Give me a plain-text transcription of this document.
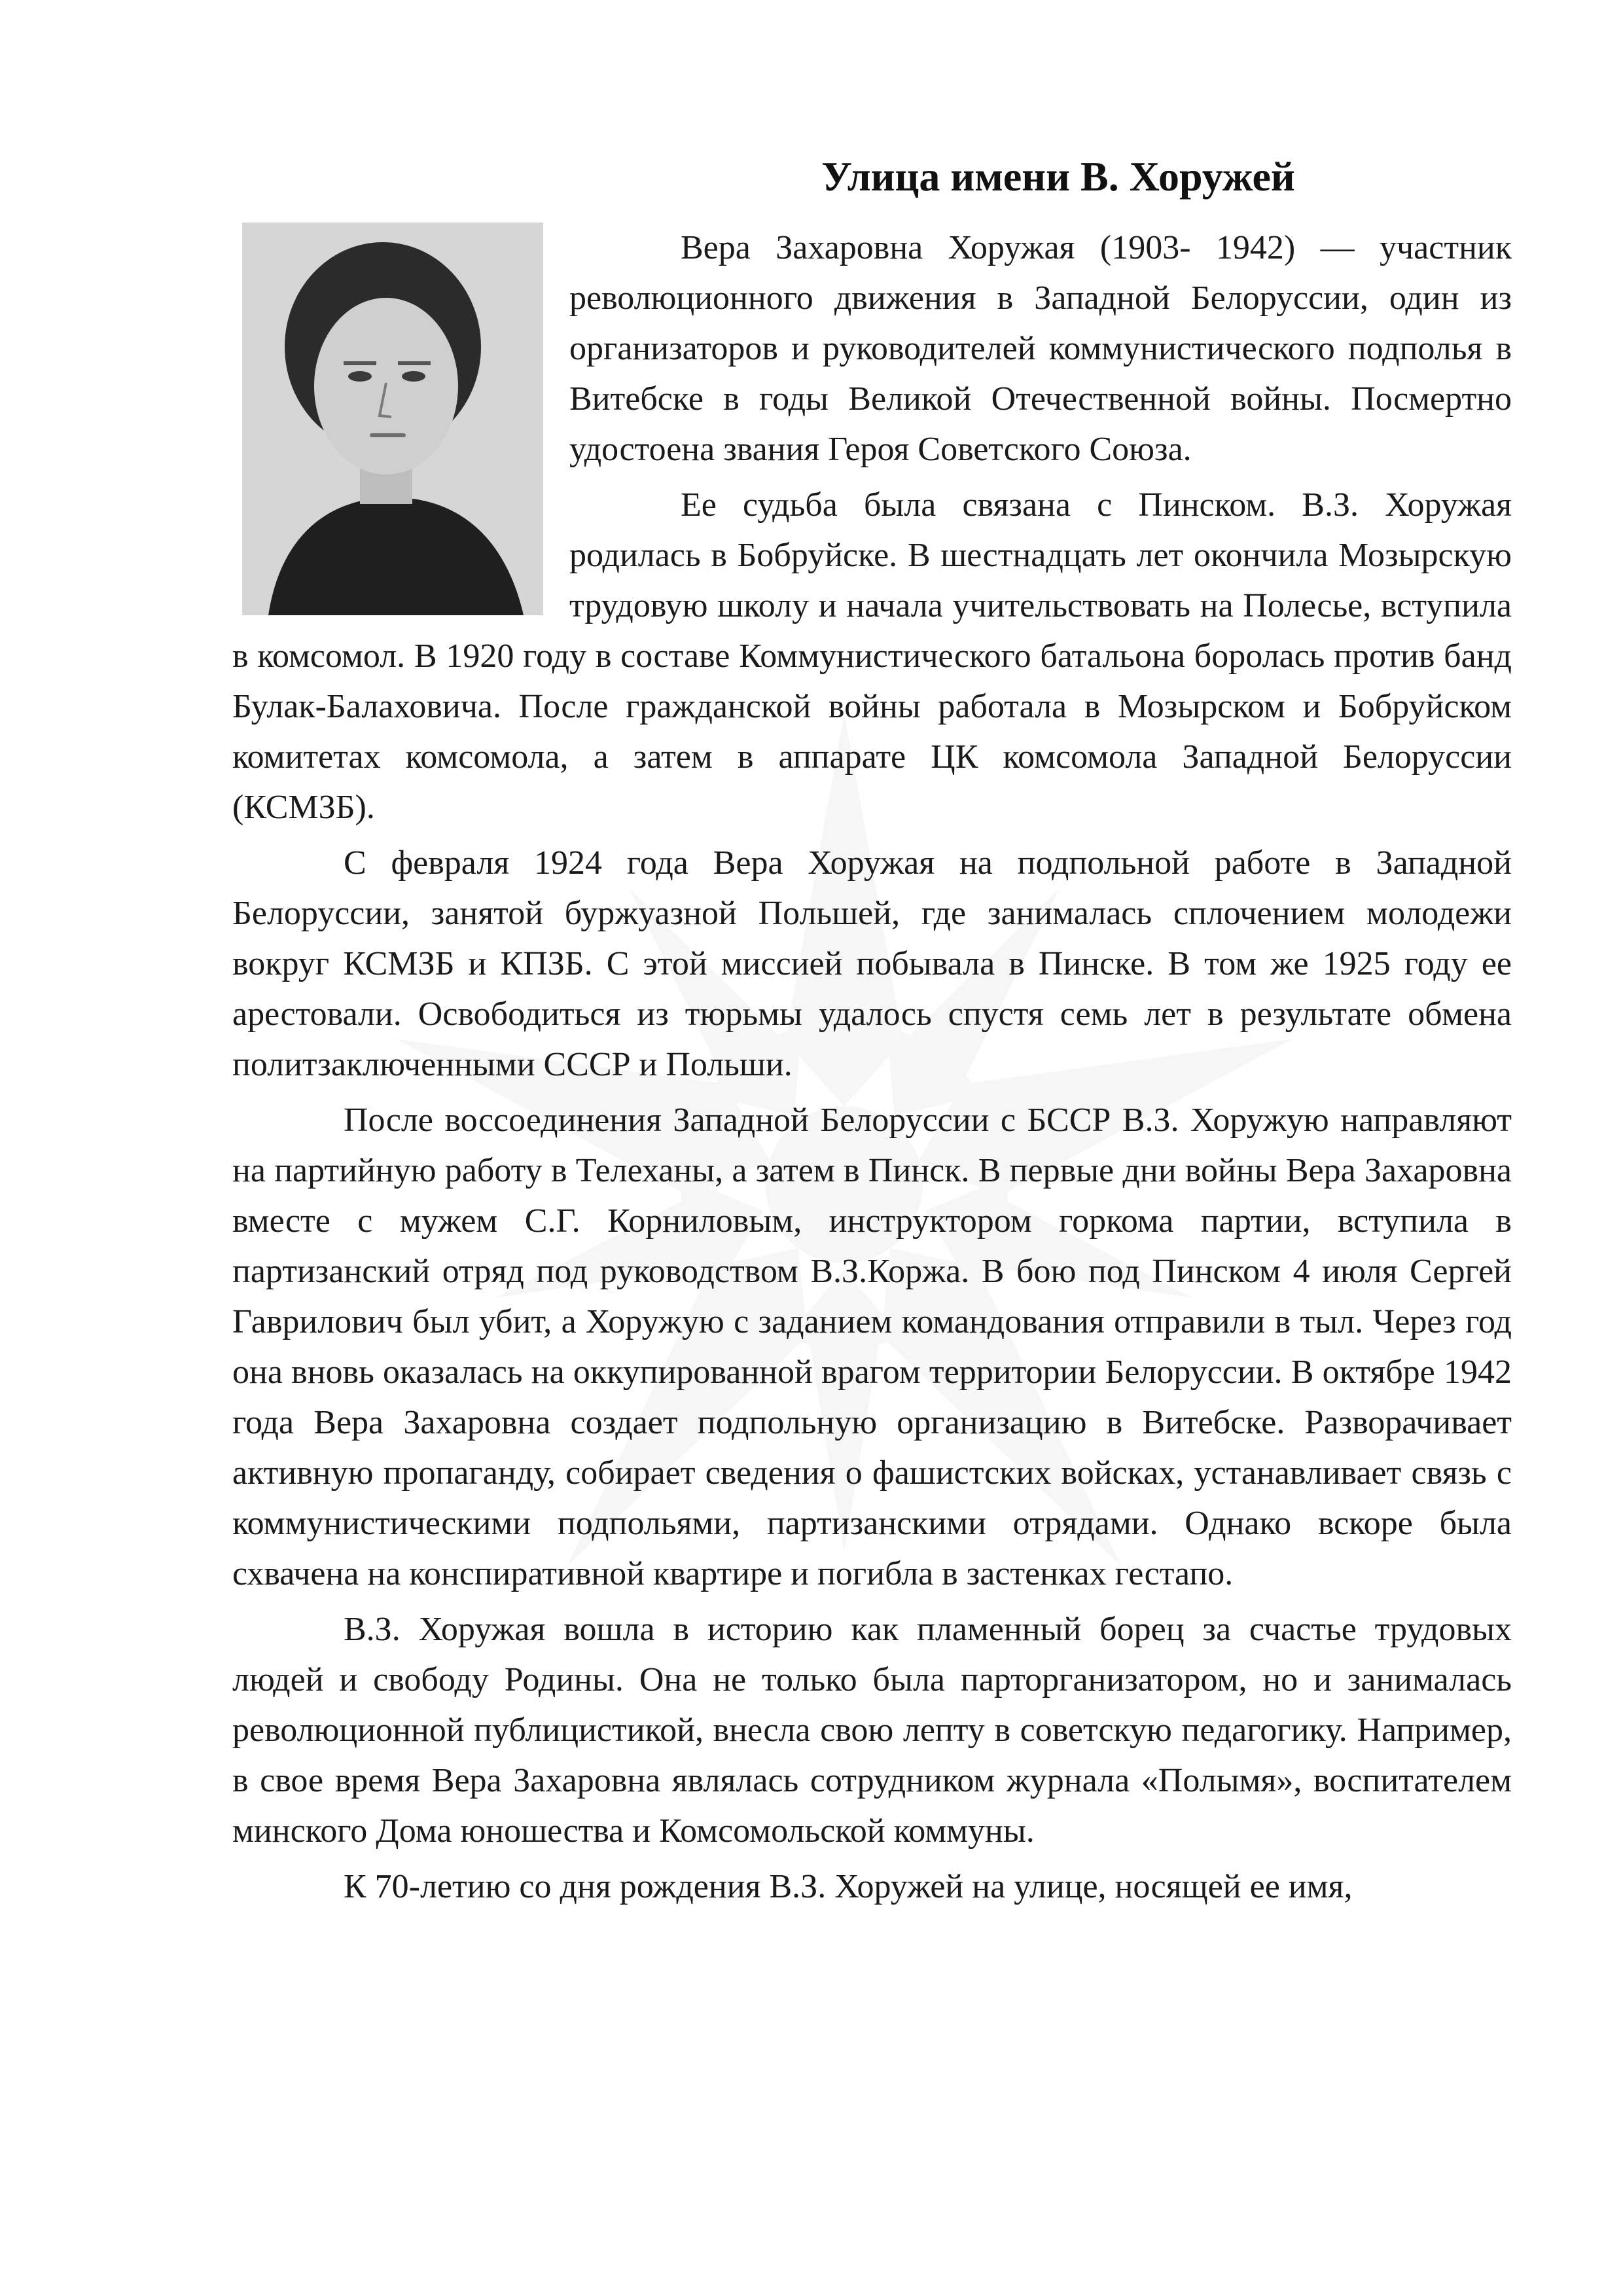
Улица имени В. Хоружей

Вера Захаровна Хоружая (1903- 1942) — участник революционного движения в Западной Белоруссии, один из организаторов и руководителей коммунистического подполья в Витебске в годы Великой Отечественной войны. Посмертно удостоена звания Героя Советского Союза.

Ее судьба была связана с Пинском. В.З. Хоружая родилась в Бобруйске. В шестнадцать лет окончила Мозырскую трудовую школу и начала учительствовать на Полесье, вступила в комсомол. В 1920 году в составе Коммунистического батальона боролась против банд Булак-Балаховича. После гражданской войны работала в Мозырском и Бобруйском комитетах комсомола, а затем в аппарате ЦК комсомола Западной Белоруссии (КСМЗБ).

С февраля 1924 года Вера Хоружая на подпольной работе в Западной Белоруссии, занятой буржуазной Польшей, где занималась сплочением молодежи вокруг КСМЗБ и КПЗБ. С этой миссией побывала в Пинске. В том же 1925 году ее арестовали. Освободиться из тюрьмы удалось спустя семь лет в результате обмена политзаключенными СССР и Польши.

После воссоединения Западной Белоруссии с БССР В.З. Хоружую направляют на партийную работу в Телеханы, а затем в Пинск. В первые дни войны Вера Захаровна вместе с мужем С.Г. Корниловым, инструктором горкома партии, вступила в партизанский отряд под руководством В.З.Коржа. В бою под Пинском 4 июля Сергей Гаврилович был убит, а Хоружую с заданием командования отправили в тыл. Через год она вновь оказалась на оккупированной врагом территории Белоруссии. В октябре 1942 года Вера Захаровна создает подпольную организацию в Витебске. Разворачивает активную пропаганду, собирает сведения о фашистских войсках, устанавливает связь с коммунистическими подпольями, партизанскими отрядами. Однако вскоре была схвачена на конспиративной квартире и погибла в застенках гестапо.

В.З. Хоружая вошла в историю как пламенный борец за счастье трудовых людей и свободу Родины. Она не только была парторганизатором, но и занималась революционной публицистикой, внесла свою лепту в советскую педагогику. Например, в свое время Вера Захаровна являлась сотрудником журнала «Полымя», воспитателем минского Дома юношества и Комсомольской коммуны.

К 70-летию со дня рождения В.З. Хоружей на улице, носящей ее имя,
